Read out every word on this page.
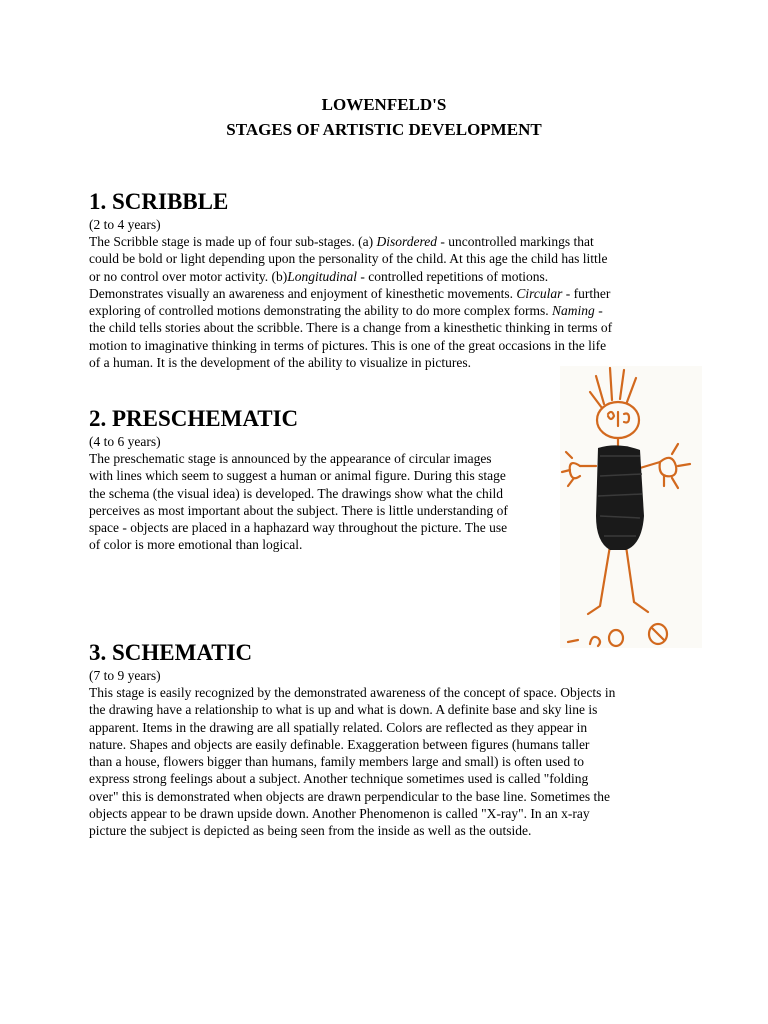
LOWENFELD'S
STAGES OF ARTISTIC DEVELOPMENT
1. SCRIBBLE
(2 to 4 years)
The Scribble stage is made up of four sub-stages. (a) Disordered - uncontrolled markings that
could be bold or light depending upon the personality of the child. At this age the child has little
or no control over motor activity. (b)Longitudinal - controlled repetitions of motions.
Demonstrates visually an awareness and enjoyment of kinesthetic movements. Circular - further
exploring of controlled motions demonstrating the ability to do more complex forms. Naming -
the child tells stories about the scribble. There is a change from a kinesthetic thinking in terms of
motion to imaginative thinking in terms of pictures. This is one of the great occasions in the life
of a human. It is the development of the ability to visualize in pictures.
2. PRESCHEMATIC
(4 to 6 years)
The preschematic stage is announced by the appearance of circular images
with lines which seem to suggest a human or animal figure. During this stage
the schema (the visual idea) is developed. The drawings show what the child
perceives as most important about the subject. There is little understanding of
space - objects are placed in a haphazard way throughout the picture. The use
of color is more emotional than logical.
3. SCHEMATIC
(7 to 9 years)
This stage is easily recognized by the demonstrated awareness of the concept of space. Objects in
the drawing have a relationship to what is up and what is down. A definite base and sky line is
apparent. Items in the drawing are all spatially related. Colors are reflected as they appear in
nature. Shapes and objects are easily definable. Exaggeration between figures (humans taller
than a house, flowers bigger than humans, family members large and small) is often used to
express strong feelings about a subject. Another technique sometimes used is called "folding
over" this is demonstrated when objects are drawn perpendicular to the base line. Sometimes the
objects appear to be drawn upside down. Another Phenomenon is called "X-ray". In an x-ray
picture the subject is depicted as being seen from the inside as well as the outside.
